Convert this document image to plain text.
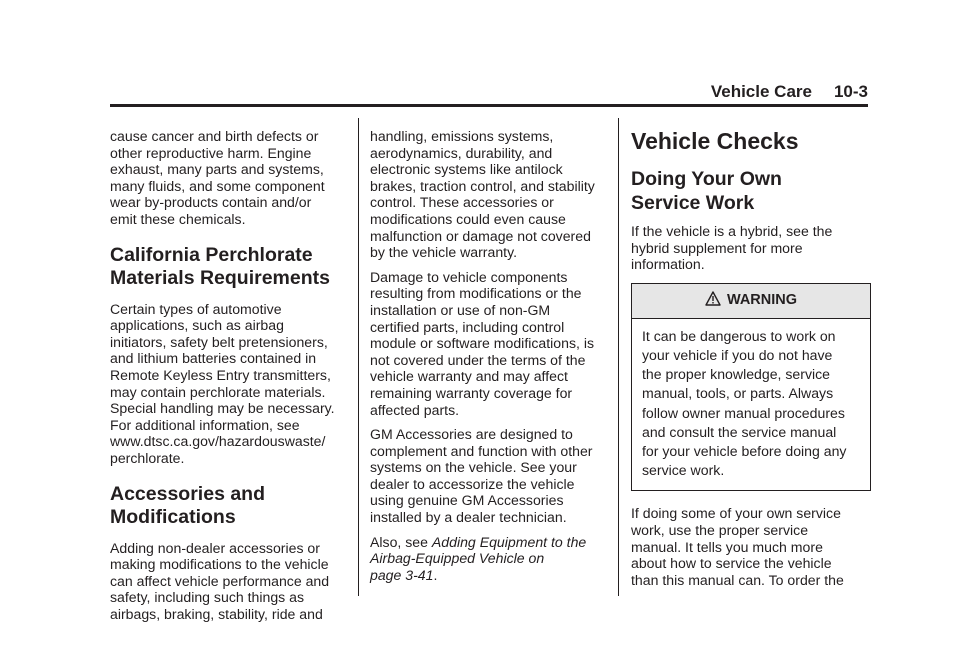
Vehicle Care 10-3

cause cancer and birth defects or
other reproductive harm. Engine
exhaust, many parts and systems,
many fluids, and some component
wear by-products contain and/or
emit these chemicals.

California Perchlorate
Materials Requirements

Certain types of automotive
applications, such as airbag
initiators, safety belt pretensioners,
and lithium batteries contained in
Remote Keyless Entry transmitters,
may contain perchlorate materials.
Special handling may be necessary.
For additional information, see
www.dtsc.ca.gov/hazardouswaste/
perchlorate.

Accessories and
Modifications

Adding non-dealer accessories or
making modifications to the vehicle
can affect vehicle performance and
safety, including such things as
airbags, braking, stability, ride and

handling, emissions systems,
aerodynamics, durability, and
electronic systems like antilock
brakes, traction control, and stability
control. These accessories or
modifications could even cause
malfunction or damage not covered
by the vehicle warranty.

Damage to vehicle components
resulting from modifications or the
installation or use of non-GM
certified parts, including control
module or software modifications, is
not covered under the terms of the
vehicle warranty and may affect
remaining warranty coverage for
affected parts.

GM Accessories are designed to
complement and function with other
systems on the vehicle. See your
dealer to accessorize the vehicle
using genuine GM Accessories
installed by a dealer technician.

Also, see Adding Equipment to the
Airbag-Equipped Vehicle on
page 3-41.

Vehicle Checks
Doing Your Own
Service Work

If the vehicle is a hybrid, see the
hybrid supplement for more
information.

WARNING
It can be dangerous to work on
your vehicle if you do not have
the proper knowledge, service
manual, tools, or parts. Always
follow owner manual procedures
and consult the service manual
for your vehicle before doing any
service work.

If doing some of your own service
work, use the proper service
manual. It tells you much more
about how to service the vehicle
than this manual can. To order the
